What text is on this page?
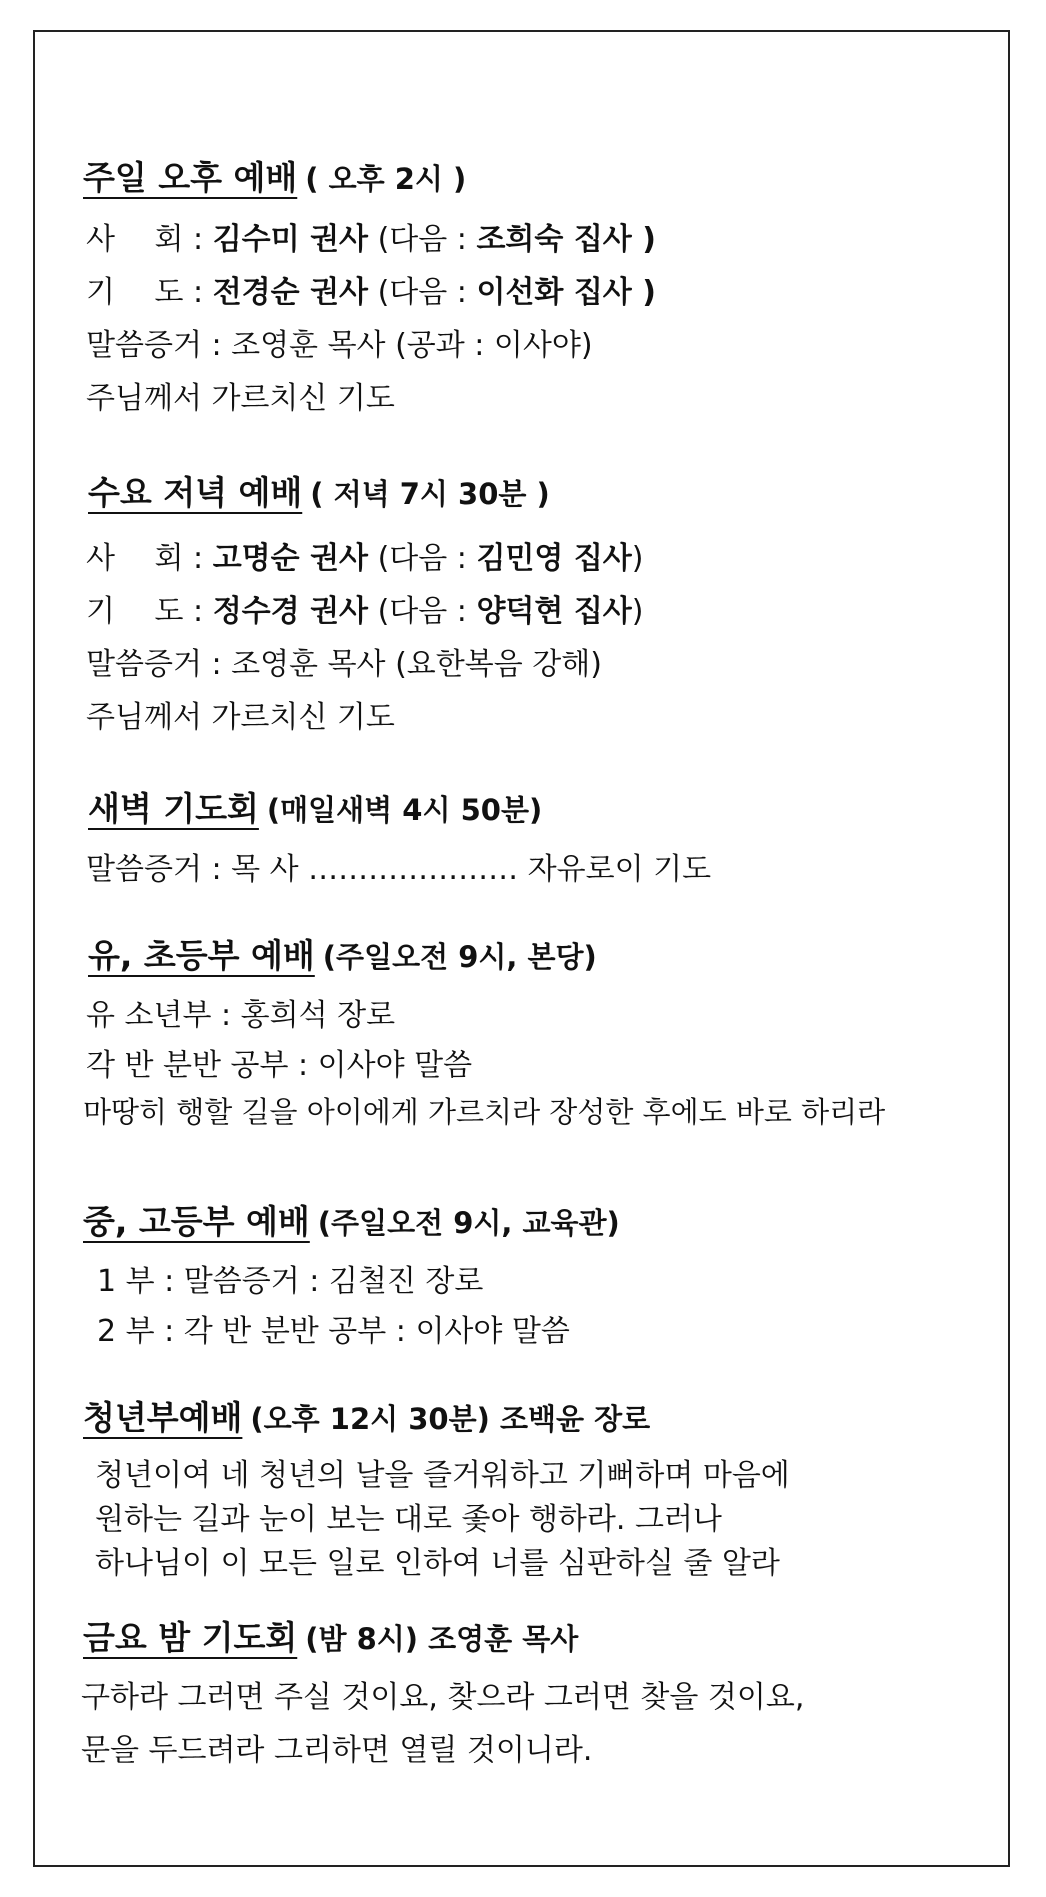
주일 오후 예배 ( 오후 2시 )
사　 회 : 김수미 권사 (다음 : 조희숙 집사 )
기　 도 : 전경순 권사 (다음 : 이선화 집사 )
말씀증거 : 조영훈 목사 (공과 : 이사야)
주님께서 가르치신 기도
수요 저녁 예배 ( 저녁 7시 30분 )
사　 회 : 고명순 권사 (다음 : 김민영 집사)
기　 도 : 정수경 권사 (다음 : 양덕현 집사)
말씀증거 : 조영훈 목사 (요한복음 강해)
주님께서 가르치신 기도
새벽 기도회 (매일새벽 4시 50분)
말씀증거 : 목 사 ………………… 자유로이 기도
유, 초등부 예배 (주일오전 9시, 본당)
유 소년부 : 홍희석 장로
각 반 분반 공부 : 이사야 말씀
마땅히 행할 길을 아이에게 가르치라 장성한 후에도 바로 하리라
중, 고등부 예배 (주일오전 9시, 교육관)
1 부 : 말씀증거 : 김철진 장로
2 부 : 각 반 분반 공부 : 이사야 말씀
청년부예배 (오후 12시 30분) 조백윤 장로
청년이여 네 청년의 날을 즐거워하고 기뻐하며 마음에
원하는 길과 눈이 보는 대로 좇아 행하라. 그러나
하나님이 이 모든 일로 인하여 너를 심판하실 줄 알라
금요 밤 기도회 (밤 8시) 조영훈 목사
구하라 그러면 주실 것이요, 찾으라 그러면 찾을 것이요,
문을 두드려라 그리하면 열릴 것이니라.
